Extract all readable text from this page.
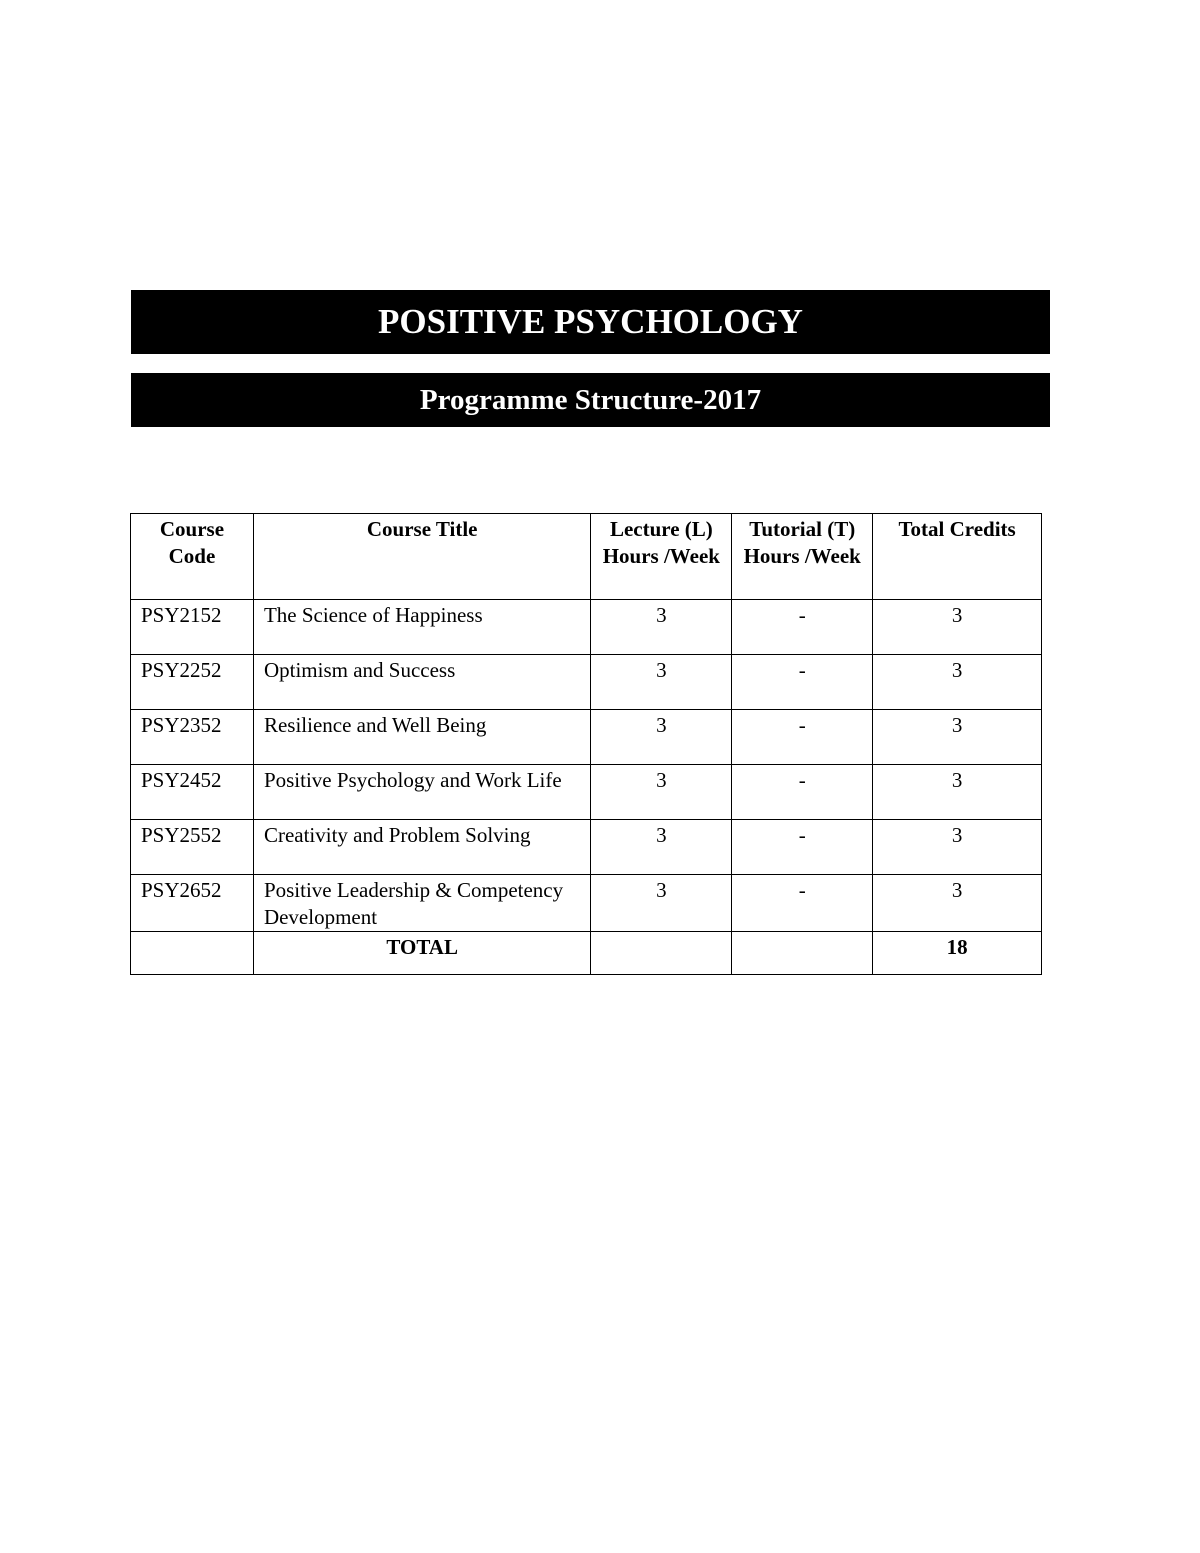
POSITIVE PSYCHOLOGY
Programme Structure-2017
Course Code	Course Title	Lecture (L) Hours /Week	Tutorial (T) Hours /Week	Total Credits
PSY2152	The Science of Happiness	3	-	3
PSY2252	Optimism and Success	3	-	3
PSY2352	Resilience and Well Being	3	-	3
PSY2452	Positive Psychology and Work Life	3	-	3
PSY2552	Creativity and Problem Solving	3	-	3
PSY2652	Positive Leadership & Competency Development	3	-	3
	TOTAL			18
